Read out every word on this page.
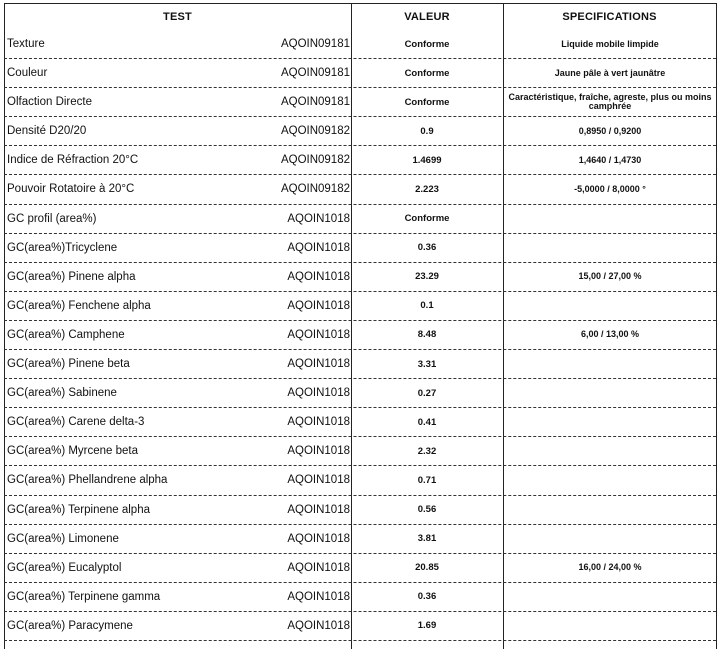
TEST	VALEUR	SPECIFICATIONS
Texture	AQOIN09181	Conforme	Liquide mobile limpide
Couleur	AQOIN09181	Conforme	Jaune pâle à vert jaunâtre
Olfaction Directe	AQOIN09181	Conforme	Caractéristique, fraîche, agreste, plus ou moins camphrée
Densité D20/20	AQOIN09182	0.9	0,8950 / 0,9200
Indice de Réfraction 20°C	AQOIN09182	1.4699	1,4640 / 1,4730
Pouvoir Rotatoire à 20°C	AQOIN09182	2.223	-5,0000 / 8,0000 °
GC profil (area%)	AQOIN1018	Conforme
GC(area%)Tricyclene	AQOIN1018	0.36
GC(area%) Pinene alpha	AQOIN1018	23.29	15,00 / 27,00 %
GC(area%) Fenchene alpha	AQOIN1018	0.1
GC(area%) Camphene	AQOIN1018	8.48	6,00 / 13,00 %
GC(area%) Pinene beta	AQOIN1018	3.31
GC(area%) Sabinene	AQOIN1018	0.27
GC(area%) Carene delta-3	AQOIN1018	0.41
GC(area%) Myrcene beta	AQOIN1018	2.32
GC(area%) Phellandrene alpha	AQOIN1018	0.71
GC(area%) Terpinene alpha	AQOIN1018	0.56
GC(area%) Limonene	AQOIN1018	3.81
GC(area%) Eucalyptol	AQOIN1018	20.85	16,00 / 24,00 %
GC(area%) Terpinene gamma	AQOIN1018	0.36
GC(area%) Paracymene	AQOIN1018	1.69
